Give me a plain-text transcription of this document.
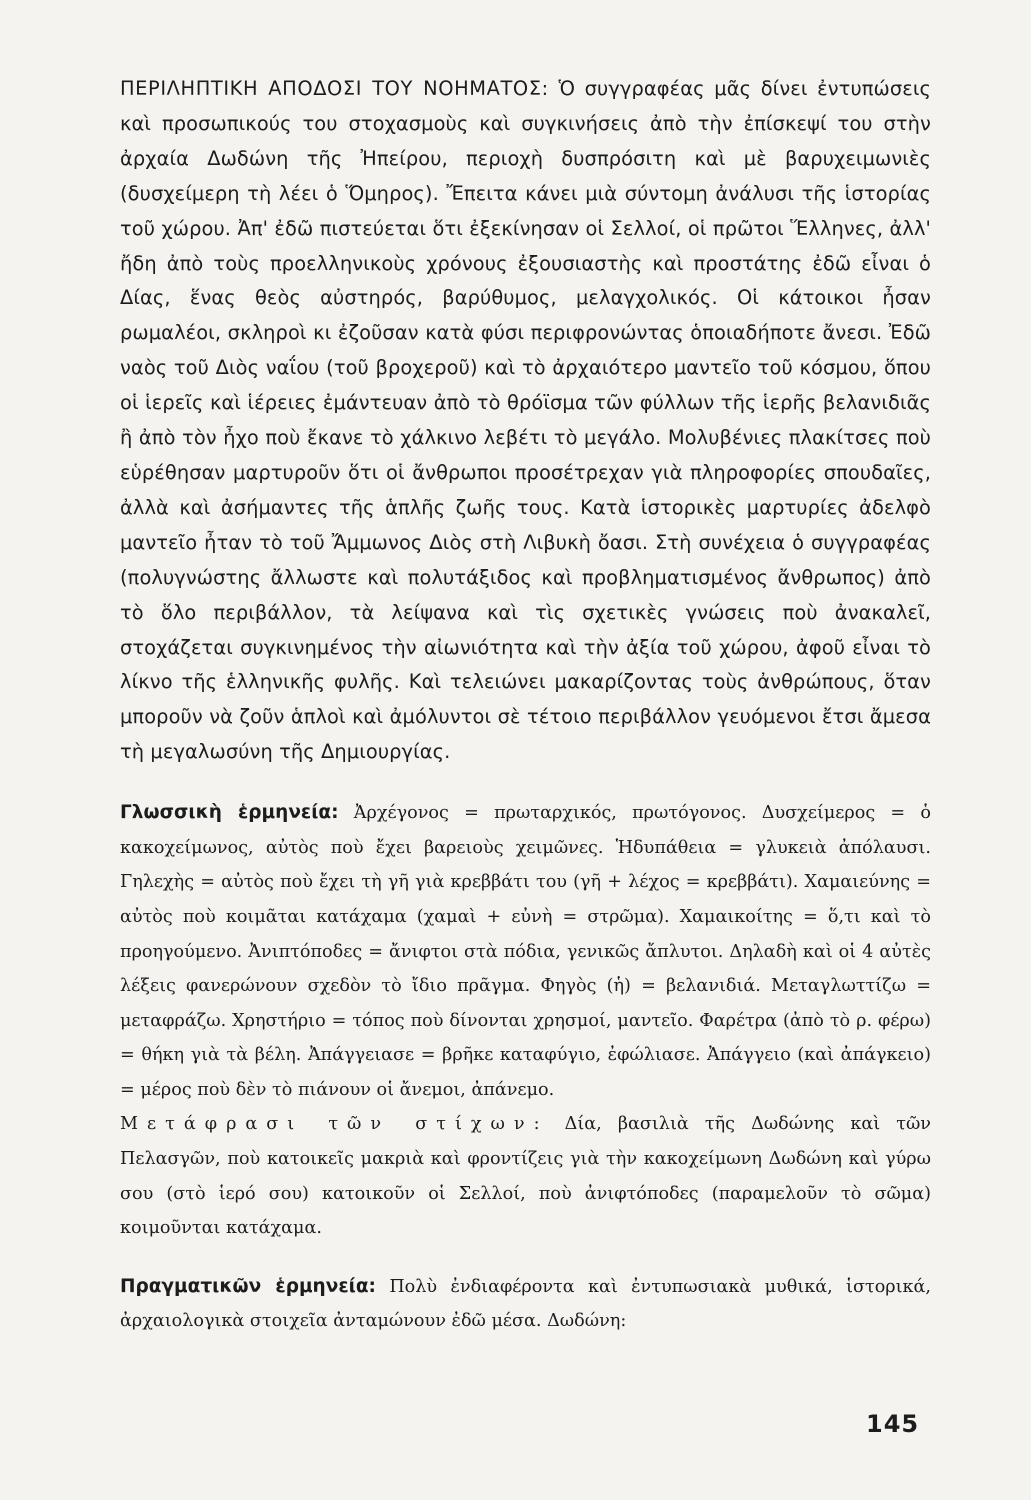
ΠΕΡΙΛΗΠΤΙΚΗ ΑΠΟΔΟΣΙ ΤΟΥ ΝΟΗΜΑΤΟΣ: Ὁ συγγραφέας μᾶς δίνει ἐντυπώσεις καὶ προσωπικούς του στοχασμοὺς καὶ συγκινήσεις ἀπὸ τὴν ἐπίσκεψί του στὴν ἀρχαία Δωδώνη τῆς Ἠπείρου, περιοχὴ δυσπρόσιτη καὶ μὲ βαρυχειμωνιὲς (δυσχείμερη τὴ λέει ὁ Ὅμηρος). Ἔπειτα κάνει μιὰ σύντομη ἀνάλυσι τῆς ἱστορίας τοῦ χώρου. Ἀπ' ἐδῶ πιστεύεται ὅτι ἐξεκίνησαν οἱ Σελλοί, οἱ πρῶτοι Ἕλληνες, ἀλλ' ἤδη ἀπὸ τοὺς προελληνικοὺς χρόνους ἐξουσιαστὴς καὶ προστάτης ἐδῶ εἶναι ὁ Δίας, ἕνας θεὸς αὐστηρός, βαρύθυμος, μελαγχολικός. Οἱ κάτοικοι ἦσαν ρωμαλέοι, σκληροὶ κι ἐζοῦσαν κατὰ φύσι περιφρονώντας ὁποιαδήποτε ἄνεσι. Ἐδῶ ναὸς τοῦ Διὸς ναΐου (τοῦ βροχεροῦ) καὶ τὸ ἀρχαιότερο μαντεῖο τοῦ κόσμου, ὅπου οἱ ἱερεῖς καὶ ἱέρειες ἐμάντευαν ἀπὸ τὸ θρόϊσμα τῶν φύλλων τῆς ἱερῆς βελανιδιᾶς ἢ ἀπὸ τὸν ἦχο ποὺ ἔκανε τὸ χάλκινο λεβέτι τὸ μεγάλο. Μολυβένιες πλακίτσες ποὺ εὑρέθησαν μαρτυροῦν ὅτι οἱ ἄνθρωποι προσέτρεχαν γιὰ πληροφορίες σπουδαῖες, ἀλλὰ καὶ ἀσήμαντες τῆς ἁπλῆς ζωῆς τους. Κατὰ ἱστορικὲς μαρτυρίες ἀδελφὸ μαντεῖο ἦταν τὸ τοῦ Ἄμμωνος Διὸς στὴ Λιβυκὴ ὄασι. Στὴ συνέχεια ὁ συγγραφέας (πολυγνώστης ἄλλωστε καὶ πολυτάξιδος καὶ προβληματισμένος ἄνθρωπος) ἀπὸ τὸ ὅλο περιβάλλον, τὰ λείψανα καὶ τὶς σχετικὲς γνώσεις ποὺ ἀνακαλεῖ, στοχάζεται συγκινημένος τὴν αἰωνιότητα καὶ τὴν ἀξία τοῦ χώρου, ἀφοῦ εἶναι τὸ λίκνο τῆς ἑλληνικῆς φυλῆς. Καὶ τελειώνει μακαρίζοντας τοὺς ἀνθρώπους, ὅταν μποροῦν νὰ ζοῦν ἁπλοὶ καὶ ἀμόλυντοι σὲ τέτοιο περιβάλλον γευόμενοι ἔτσι ἄμεσα τὴ μεγαλωσύνη τῆς Δημιουργίας.

Γλωσσικὴ ἑρμηνεία: Ἀρχέγονος = πρωταρχικός, πρωτόγονος. Δυσχείμερος = ὁ κακοχείμωνος, αὐτὸς ποὺ ἔχει βαρειοὺς χειμῶνες. Ἡδυπάθεια = γλυκειὰ ἀπόλαυσι. Γηλεχὴς = αὐτὸς ποὺ ἔχει τὴ γῆ γιὰ κρεββάτι του (γῆ + λέχος = κρεββάτι). Χαμαιεύνης = αὐτὸς ποὺ κοιμᾶται κατάχαμα (χαμαὶ + εὐνὴ = στρῶμα). Χαμαικοίτης = ὅ,τι καὶ τὸ προηγούμενο. Ἀνιπτόποδες = ἄνιφτοι στὰ πόδια, γενικῶς ἄπλυτοι. Δηλαδὴ καὶ οἱ 4 αὐτὲς λέξεις φανερώνουν σχεδὸν τὸ ἴδιο πρᾶγμα. Φηγὸς (ἡ) = βελανιδιά. Μεταγλωττίζω = μεταφράζω. Χρηστήριο = τόπος ποὺ δίνονται χρησμοί, μαντεῖο. Φαρέτρα (ἀπὸ τὸ ρ. φέρω) = θήκη γιὰ τὰ βέλη. Ἀπάγγειασε = βρῆκε καταφύγιο, ἐφώλιασε. Ἀπάγγειο (καὶ ἀπάγκειο) = μέρος ποὺ δὲν τὸ πιάνουν οἱ ἄνεμοι, ἀπάνεμο.

Μετάφρασι τῶν στίχων: Δία, βασιλιὰ τῆς Δωδώνης καὶ τῶν Πελασγῶν, ποὺ κατοικεῖς μακριὰ καὶ φροντίζεις γιὰ τὴν κακοχείμωνη Δωδώνη καὶ γύρω σου (στὸ ἱερό σου) κατοικοῦν οἱ Σελλοί, ποὺ ἀνιφτόποδες (παραμελοῦν τὸ σῶμα) κοιμοῦνται κατάχαμα.

Πραγματικῶν ἑρμηνεία: Πολὺ ἐνδιαφέροντα καὶ ἐντυπωσιακὰ μυθικά, ἱστορικά, ἀρχαιολογικὰ στοιχεῖα ἀνταμώνουν ἐδῶ μέσα. Δωδώνη:

145
